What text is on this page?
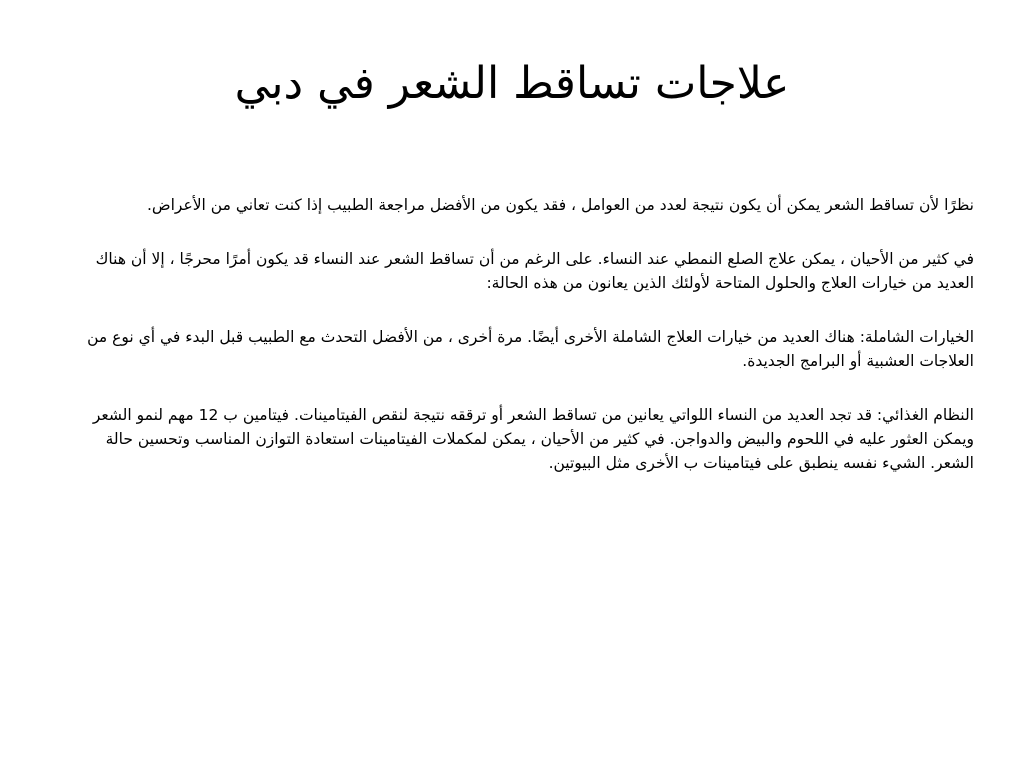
علاجات تساقط الشعر في دبي

نظرًا لأن تساقط الشعر يمكن أن يكون نتيجة لعدد من العوامل ، فقد يكون من الأفضل مراجعة الطبيب إذا كنت تعاني من الأعراض.

في كثير من الأحيان ، يمكن علاج الصلع النمطي عند النساء. على الرغم من أن تساقط الشعر عند النساء قد يكون أمرًا محرجًا ، إلا أن هناك العديد من خيارات العلاج والحلول المتاحة لأولئك الذين يعانون من هذه الحالة:

الخيارات الشاملة: هناك العديد من خيارات العلاج الشاملة الأخرى أيضًا. مرة أخرى ، من الأفضل التحدث مع الطبيب قبل البدء في أي نوع من العلاجات العشبية أو البرامج الجديدة.

النظام الغذائي: قد تجد العديد من النساء اللواتي يعانين من تساقط الشعر أو ترققه نتيجة لنقص الفيتامينات. فيتامين ب 12 مهم لنمو الشعر ويمكن العثور عليه في اللحوم والبيض والدواجن. في كثير من الأحيان ، يمكن لمكملات الفيتامينات استعادة التوازن المناسب وتحسين حالة الشعر. الشيء نفسه ينطبق على فيتامينات ب الأخرى مثل البيوتين.
